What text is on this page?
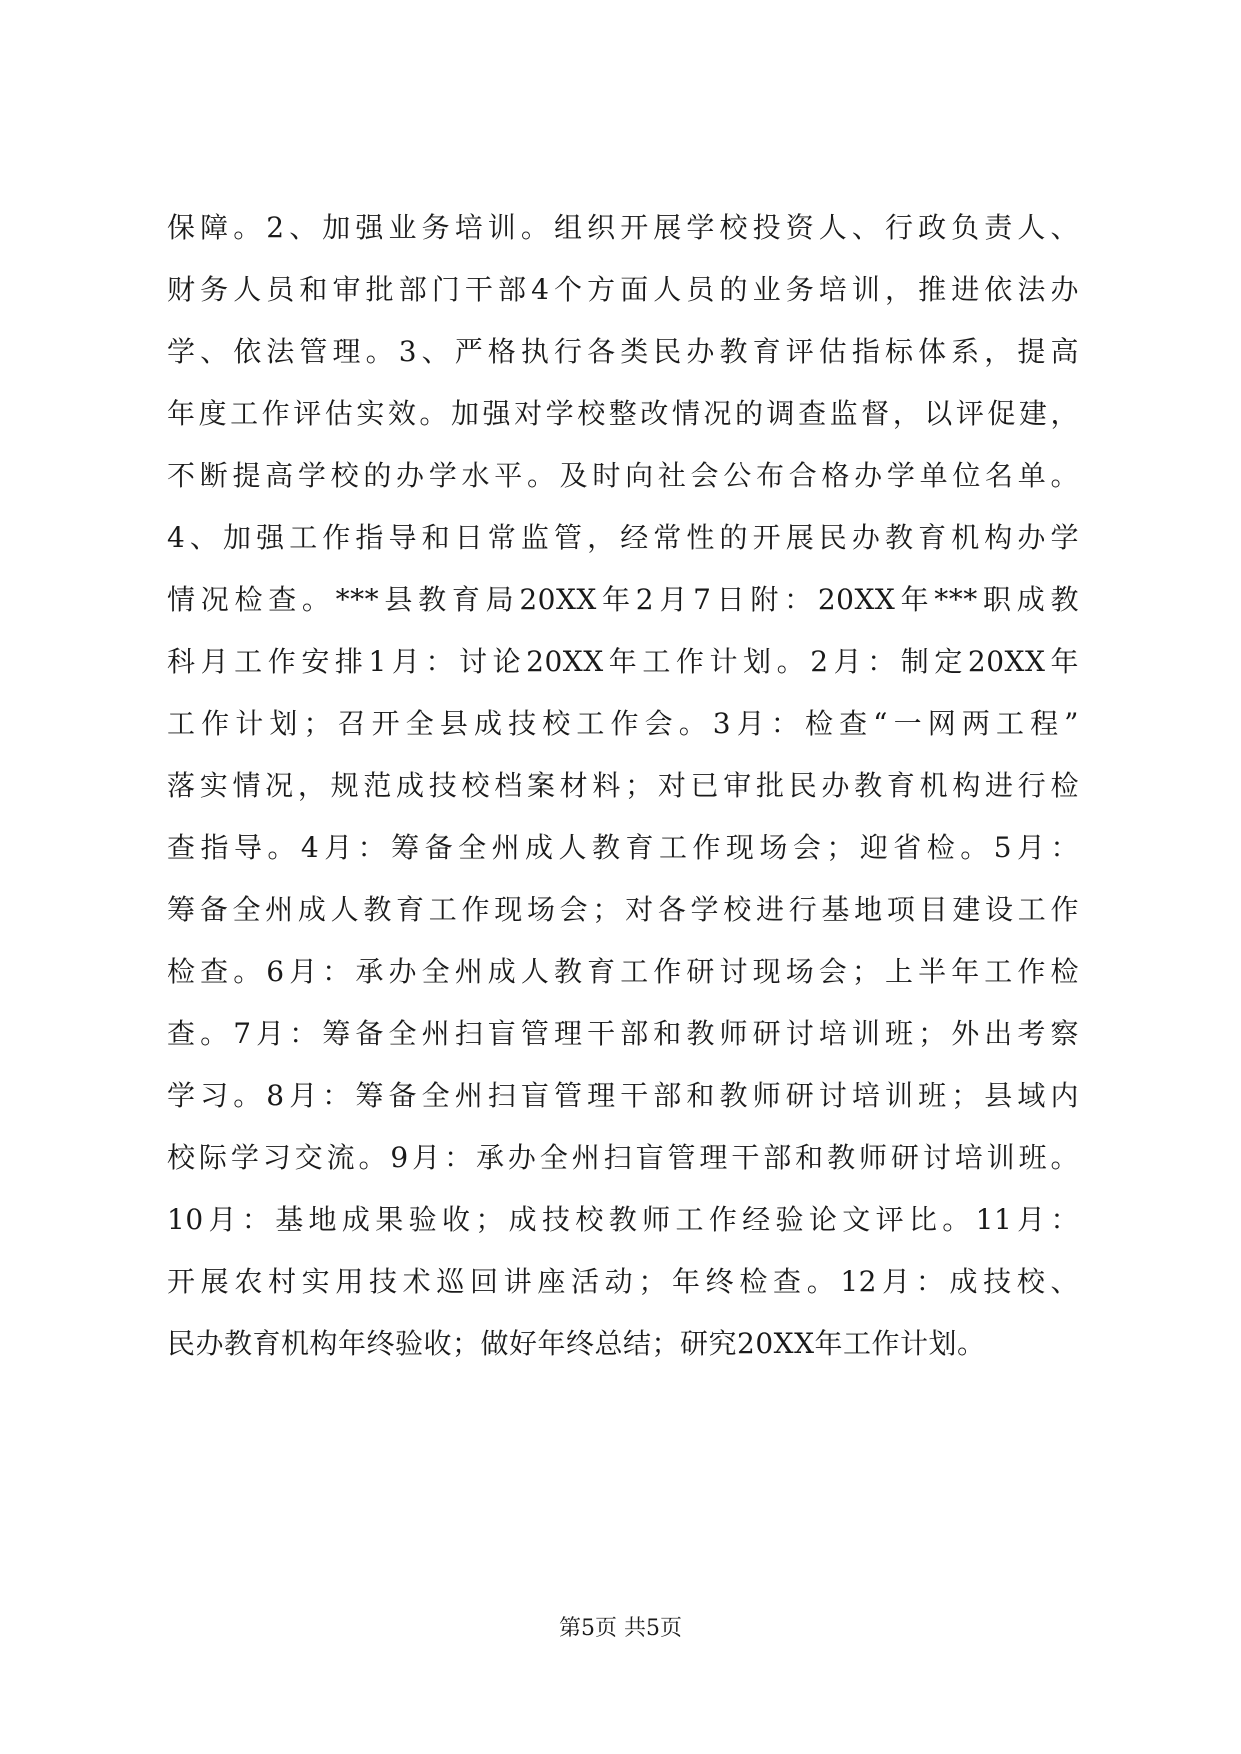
保障。2、加强业务培训。组织开展学校投资人、行政负责人、
财务人员和审批部门干部4个方面人员的业务培训，推进依法办
学、依法管理。3、严格执行各类民办教育评估指标体系，提高
年度工作评估实效。加强对学校整改情况的调查监督，以评促建，
不断提高学校的办学水平。及时向社会公布合格办学单位名单。
4、加强工作指导和日常监管，经常性的开展民办教育机构办学
情况检查。***县教育局20XX年2月7日附：20XX年***职成教
科月工作安排1月：讨论20XX年工作计划。2月：制定20XX年
工作计划；召开全县成技校工作会。3月：检查“一网两工程”
落实情况，规范成技校档案材料；对已审批民办教育机构进行检
查指导。4月：筹备全州成人教育工作现场会；迎省检。5月：
筹备全州成人教育工作现场会；对各学校进行基地项目建设工作
检查。6月：承办全州成人教育工作研讨现场会；上半年工作检
查。7月：筹备全州扫盲管理干部和教师研讨培训班；外出考察
学习。8月：筹备全州扫盲管理干部和教师研讨培训班；县域内
校际学习交流。9月：承办全州扫盲管理干部和教师研讨培训班。
10月：基地成果验收；成技校教师工作经验论文评比。11月：
开展农村实用技术巡回讲座活动；年终检查。12月：成技校、
民办教育机构年终验收；做好年终总结；研究20XX年工作计划。
第5页 共5页
